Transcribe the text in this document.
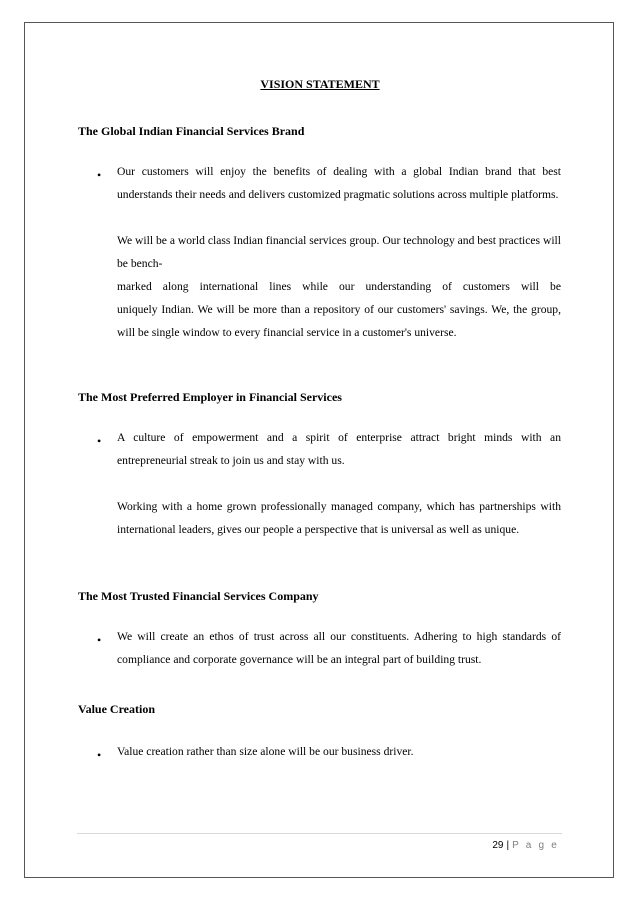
VISION STATEMENT
The Global Indian Financial Services Brand
• Our customers will enjoy the benefits of dealing with a global Indian brand that best understands their needs and delivers customized pragmatic solutions across multiple platforms.

We will be a world class Indian financial services group. Our technology and best practices will be bench-

marked along international lines while our understanding of customers will be

uniquely Indian. We will be more than a repository of our customers' savings. We, the group, will be single window to every financial service in a customer's universe.

The Most Preferred Employer in Financial Services
• A culture of empowerment and a spirit of enterprise attract bright minds with an entrepreneurial streak to join us and stay with us.

Working with a home grown professionally managed company, which has partnerships with international leaders, gives our people a perspective that is universal as well as unique.

The Most Trusted Financial Services Company
• We will create an ethos of trust across all our constituents. Adhering to high standards of compliance and corporate governance will be an integral part of building trust.

Value Creation
• Value creation rather than size alone will be our business driver.

29 | P a g e
